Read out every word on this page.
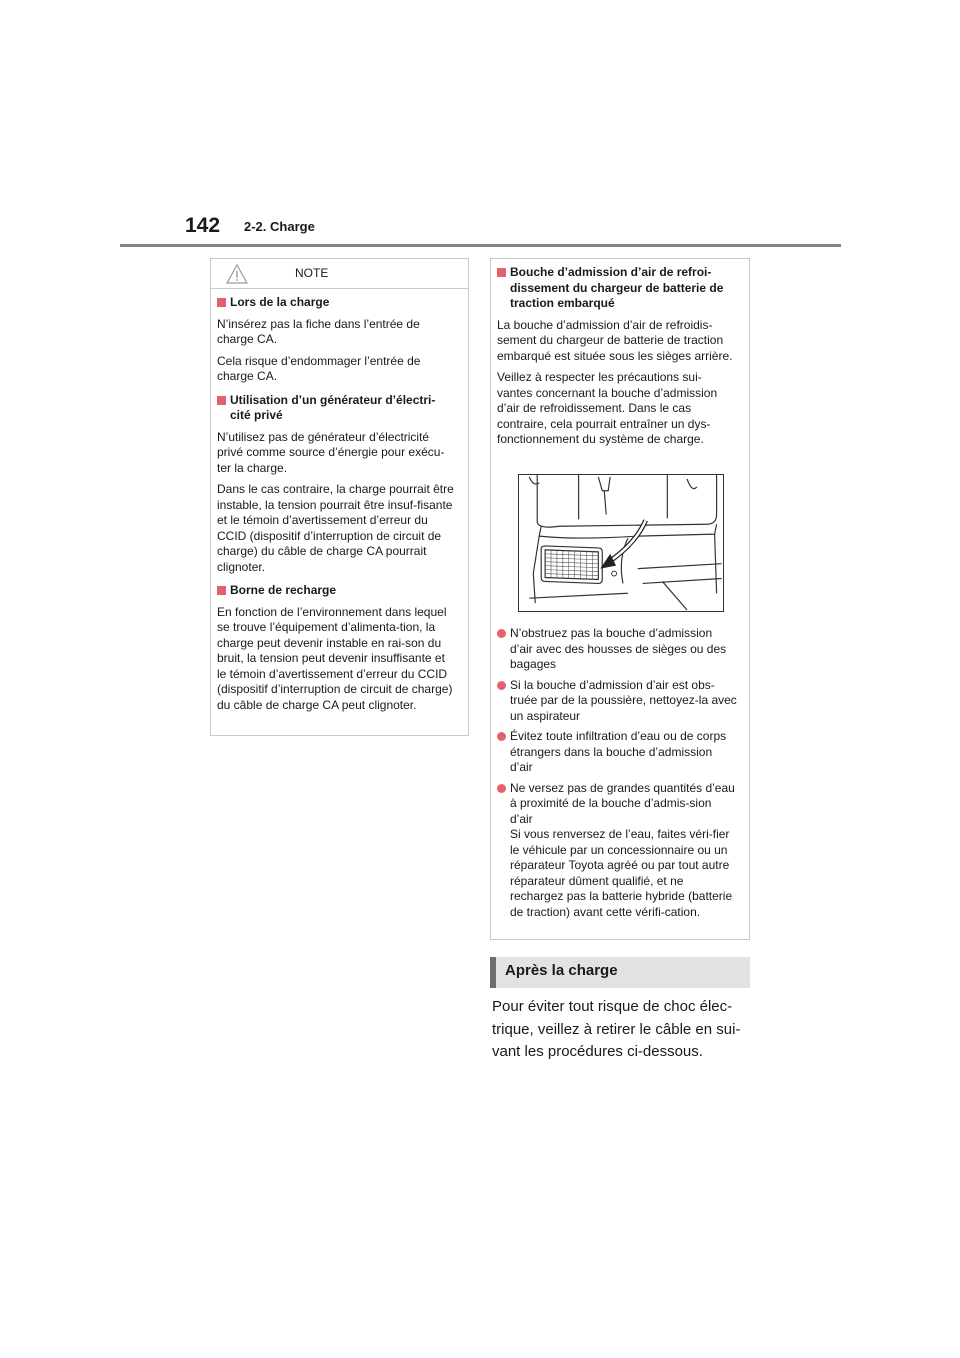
142 2-2. Charge
NOTE
Lors de la charge
N’insérez pas la fiche dans l’entrée de charge CA.
Cela risque d’endommager l’entrée de charge CA.
Utilisation d’un générateur d’électri-cité privé
N’utilisez pas de générateur d’électricité privé comme source d’énergie pour exécu-ter la charge.
Dans le cas contraire, la charge pourrait être instable, la tension pourrait être insuf-fisante et le témoin d’avertissement d’erreur du CCID (dispositif d’interruption de circuit de charge) du câble de charge CA pourrait clignoter.
Borne de recharge
En fonction de l’environnement dans lequel se trouve l’équipement d’alimenta-tion, la charge peut devenir instable en rai-son du bruit, la tension peut devenir insuffisante et le témoin d’avertissement d’erreur du CCID (dispositif d’interruption de circuit de charge) du câble de charge CA peut clignoter.
Bouche d’admission d’air de refroi-dissement du chargeur de batterie de traction embarqué
La bouche d’admission d’air de refroidis-sement du chargeur de batterie de traction embarqué est située sous les sièges arrière.
Veillez à respecter les précautions sui-vantes concernant la bouche d’admission d’air de refroidissement. Dans le cas contraire, cela pourrait entraîner un dys-fonctionnement du système de charge.
N’obstruez pas la bouche d’admission d’air avec des housses de sièges ou des bagages
Si la bouche d’admission d’air est obs-truée par de la poussière, nettoyez-la avec un aspirateur
Évitez toute infiltration d’eau ou de corps étrangers dans la bouche d’admission d’air
Ne versez pas de grandes quantités d’eau à proximité de la bouche d’admis-sion d’air
Si vous renversez de l’eau, faites véri-fier le véhicule par un concessionnaire ou un réparateur Toyota agréé ou par tout autre réparateur dûment qualifié, et ne rechargez pas la batterie hybride (batterie de traction) avant cette vérifi-cation.
Après la charge
Pour éviter tout risque de choc élec-trique, veillez à retirer le câble en sui-vant les procédures ci-dessous.
